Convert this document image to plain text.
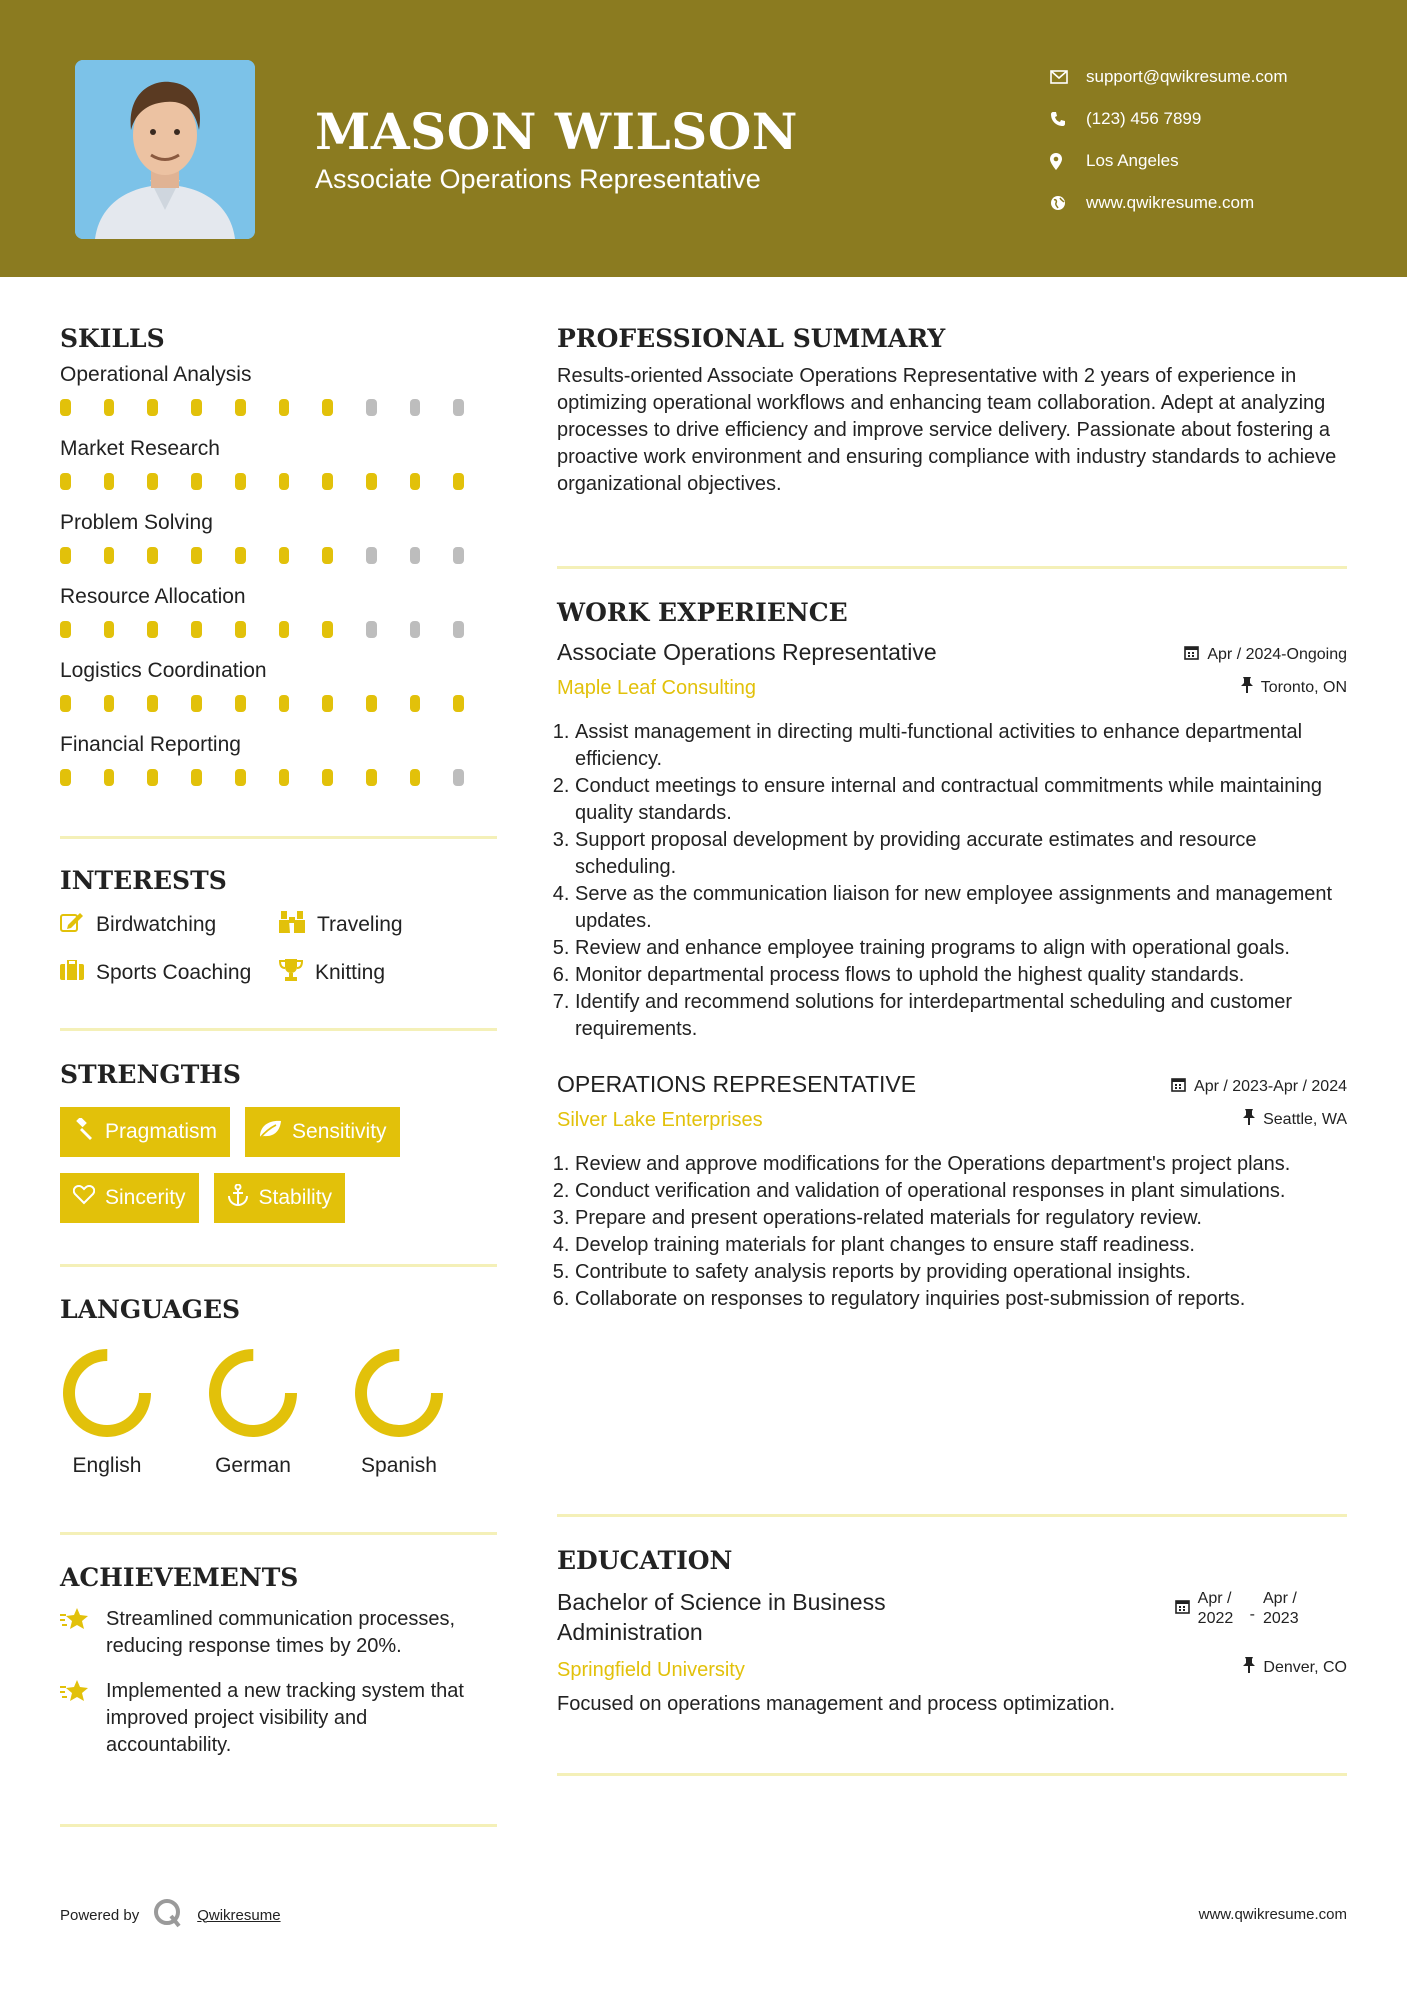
MASON WILSON
Associate Operations Representative
support@qwikresume.com
(123) 456 7899
Los Angeles
www.qwikresume.com
SKILLS
Operational Analysis
Market Research
Problem Solving
Resource Allocation
Logistics Coordination
Financial Reporting
INTERESTS
Birdwatching	Traveling
Sports Coaching	Knitting
STRENGTHS
Pragmatism	Sensitivity
Sincerity	Stability
LANGUAGES
English	German	Spanish
ACHIEVEMENTS
Streamlined communication processes, reducing response times by 20%.
Implemented a new tracking system that improved project visibility and accountability.
PROFESSIONAL SUMMARY
Results-oriented Associate Operations Representative with 2 years of experience in optimizing operational workflows and enhancing team collaboration. Adept at analyzing processes to drive efficiency and improve service delivery. Passionate about fostering a proactive work environment and ensuring compliance with industry standards to achieve organizational objectives.
WORK EXPERIENCE
Associate Operations Representative
Maple Leaf Consulting
Apr / 2024-Ongoing
Toronto, ON
1. Assist management in directing multi-functional activities to enhance departmental efficiency.
2. Conduct meetings to ensure internal and contractual commitments while maintaining quality standards.
3. Support proposal development by providing accurate estimates and resource scheduling.
4. Serve as the communication liaison for new employee assignments and management updates.
5. Review and enhance employee training programs to align with operational goals.
6. Monitor departmental process flows to uphold the highest quality standards.
7. Identify and recommend solutions for interdepartmental scheduling and customer requirements.
OPERATIONS REPRESENTATIVE
Silver Lake Enterprises
Apr / 2023-Apr / 2024
Seattle, WA
1. Review and approve modifications for the Operations department's project plans.
2. Conduct verification and validation of operational responses in plant simulations.
3. Prepare and present operations-related materials for regulatory review.
4. Develop training materials for plant changes to ensure staff readiness.
5. Contribute to safety analysis reports by providing operational insights.
6. Collaborate on responses to regulatory inquiries post-submission of reports.
EDUCATION
Bachelor of Science in Business Administration
Springfield University
Apr / 2022	-
Apr / 2023
Denver, CO
Focused on operations management and process optimization.
Powered by	Qwikresume	www.qwikresume.com
